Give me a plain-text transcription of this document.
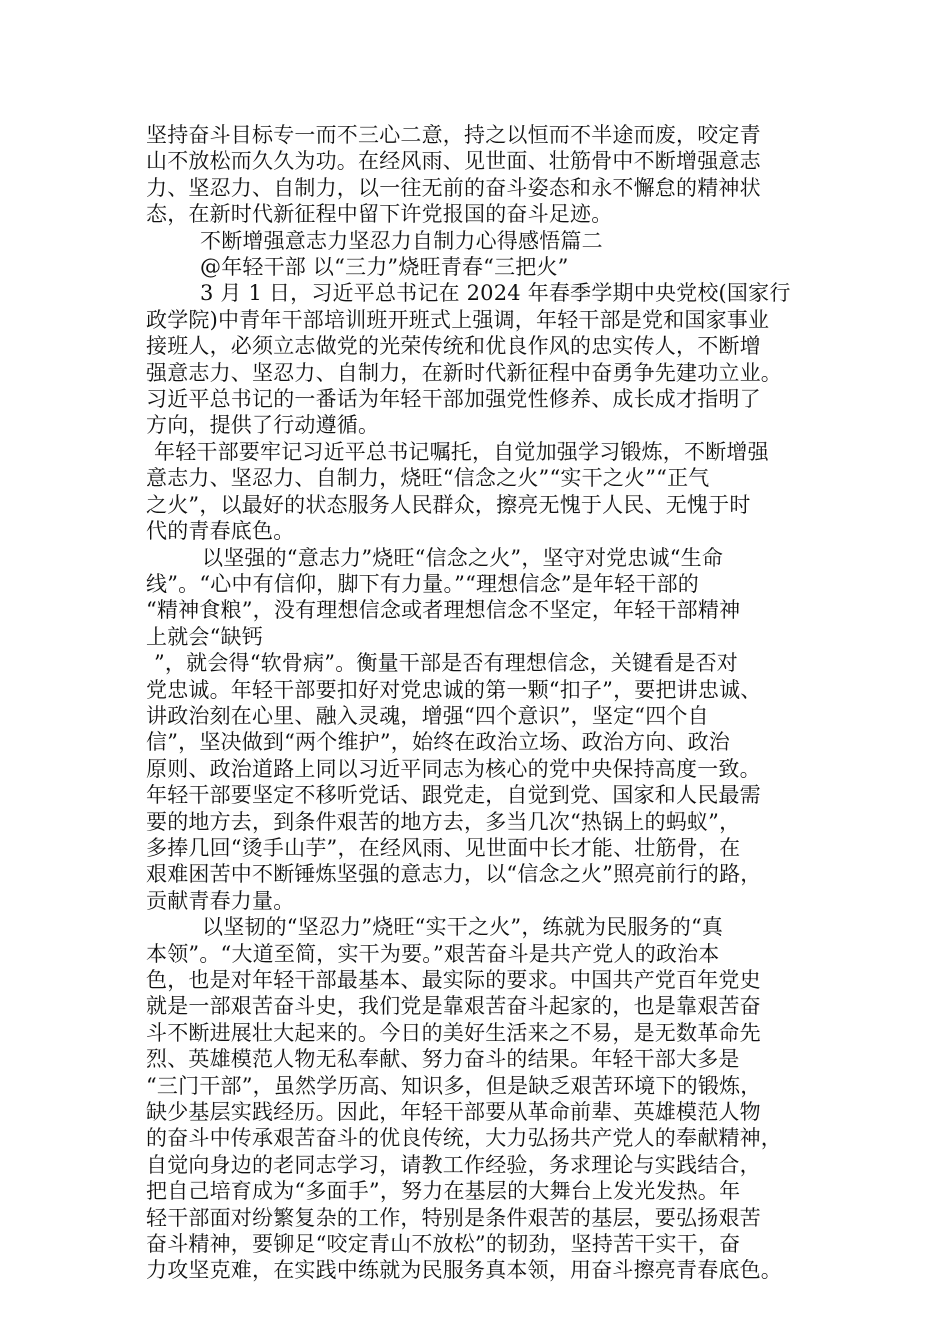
坚持奋斗目标专一而不三心二意，持之以恒而不半途而废，咬定青
山不放松而久久为功。在经风雨、见世面、壮筋骨中不断增强意志
力、坚忍力、自制力，以一往无前的奋斗姿态和永不懈怠的精神状
态，在新时代新征程中留下许党报国的奋斗足迹。
不断增强意志力坚忍力自制力心得感悟篇二
@年轻干部 以“三力”烧旺青春“三把火”
3 月 1 日，习近平总书记在 2024 年春季学期中央党校(国家行
政学院)中青年干部培训班开班式上强调，年轻干部是党和国家事业
接班人，必须立志做党的光荣传统和优良作风的忠实传人，不断增
强意志力、坚忍力、自制力，在新时代新征程中奋勇争先建功立业。
习近平总书记的一番话为年轻干部加强党性修养、成长成才指明了
方向，提供了行动遵循。
年轻干部要牢记习近平总书记嘱托，自觉加强学习锻炼，不断增强
意志力、坚忍力、自制力，烧旺“信念之火”“实干之火”“正气
之火”，以最好的状态服务人民群众，擦亮无愧于人民、无愧于时
代的青春底色。
以坚强的“意志力”烧旺“信念之火”，坚守对党忠诚“生命
线”。“心中有信仰，脚下有力量。”“理想信念”是年轻干部的
“精神食粮”，没有理想信念或者理想信念不坚定，年轻干部精神
上就会“缺钙
”，就会得“软骨病”。衡量干部是否有理想信念，关键看是否对
党忠诚。年轻干部要扣好对党忠诚的第一颗“扣子”，要把讲忠诚、
讲政治刻在心里、融入灵魂，增强“四个意识”，坚定“四个自
信”，坚决做到“两个维护”，始终在政治立场、政治方向、政治
原则、政治道路上同以习近平同志为核心的党中央保持高度一致。
年轻干部要坚定不移听党话、跟党走，自觉到党、国家和人民最需
要的地方去，到条件艰苦的地方去，多当几次“热锅上的蚂蚁”，
多捧几回“烫手山芋”，在经风雨、见世面中长才能、壮筋骨，在
艰难困苦中不断锤炼坚强的意志力，以“信念之火”照亮前行的路，
贡献青春力量。
以坚韧的“坚忍力”烧旺“实干之火”，练就为民服务的“真
本领”。“大道至简，实干为要。”艰苦奋斗是共产党人的政治本
色，也是对年轻干部最基本、最实际的要求。中国共产党百年党史
就是一部艰苦奋斗史，我们党是靠艰苦奋斗起家的，也是靠艰苦奋
斗不断进展壮大起来的。今日的美好生活来之不易，是无数革命先
烈、英雄模范人物无私奉献、努力奋斗的结果。年轻干部大多是
“三门干部”，虽然学历高、知识多，但是缺乏艰苦环境下的锻炼，
缺少基层实践经历。因此，年轻干部要从革命前辈、英雄模范人物
的奋斗中传承艰苦奋斗的优良传统，大力弘扬共产党人的奉献精神，
自觉向身边的老同志学习，请教工作经验，务求理论与实践结合，
把自己培育成为“多面手”，努力在基层的大舞台上发光发热。年
轻干部面对纷繁复杂的工作，特别是条件艰苦的基层，要弘扬艰苦
奋斗精神，要铆足“咬定青山不放松”的韧劲，坚持苦干实干，奋
力攻坚克难，在实践中练就为民服务真本领，用奋斗擦亮青春底色。
